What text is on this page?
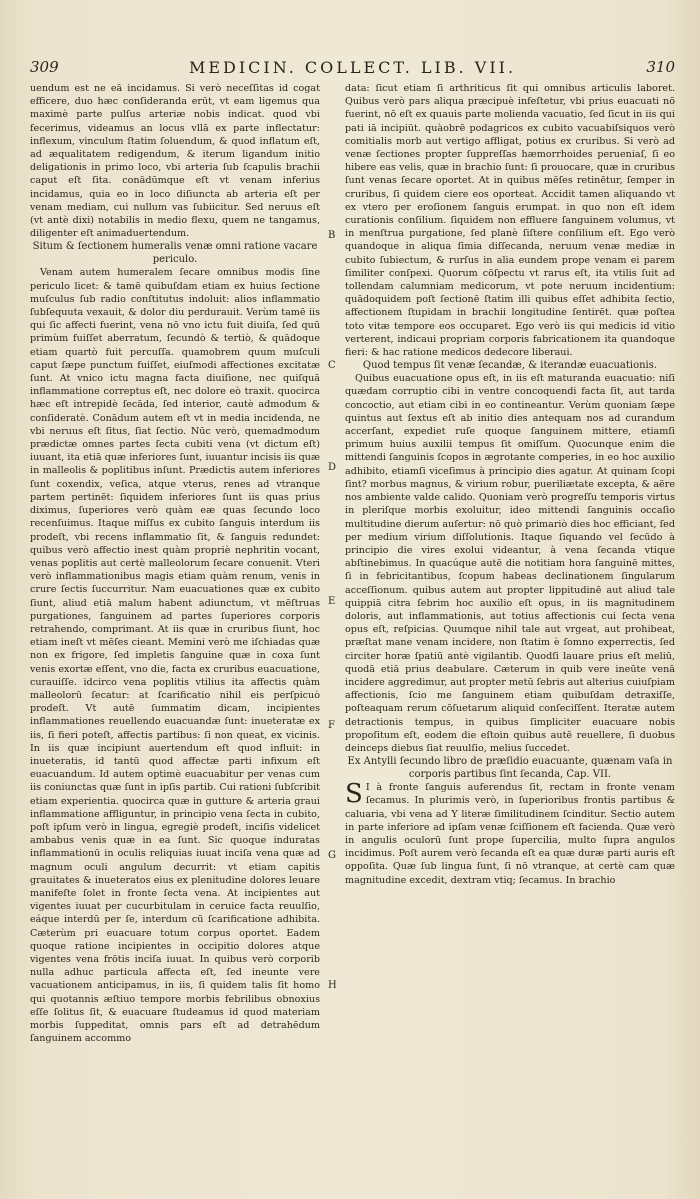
309	MEDICIN. COLLECT. LIB. VII.	310
B
C
D
E
F
G
H

uendum est ne eā incidamus. Si verò neceſſitas id cogat efficere, duo hæc conſideranda erūt, vt eam ligemus qua maximè parte pulſus arteriæ nobis indicat. quod vbi fecerimus, videamus an locus vllā ex parte inflectatur: inflexum, vinculum ſtatim ſoluendum, & quod inflatum eſt, ad æqualitatem redigendum, & iterum ligandum initio deligationis in primo loco, vbi arteria ſub ſcapulis brachii caput eſt ſita. conādūmque eſt vt venam inferius incidamus, quia eo in loco diſiuncta ab arteria eſt per venam mediam, cui nullum vas ſubiicitur. Sed neruus eſt (vt antè dixi) notabilis in medio flexu, quem ne tangamus, diligenter eſt animaduertendum.

Situm & ſectionem humeralis venæ omni ratione vacare periculo.

Venam autem humeralem ſecare omnibus modis ſine periculo licet: & tamē quibuſdam etiam ex huius ſectione muſculus ſub radio conſtitutus indoluit: alios inflammatio ſubſequuta vexauit, & dolor diu perdurauit. Verùm tamē iis qui ſic affecti fuerint, vena nō vno ictu fuit diuiſa, ſed quū primùm fuiſſet aberratum, ſecundò & tertiò, & quādoque etiam quartò fuit percuſſa. quamobrem quum muſculi caput ſæpe punctum fuiſſet, eiuſmodi affectiones excitatæ ſunt. At vnico ictu magna facta diuiſione, nec quiſquā inflammatione correptus eſt, nec dolore eò traxit. quocirca hæc eſt intrepidè ſecāda, ſed interior, cautè admodum & conſideratè. Conādum autem eſt vt in media incidenda, ne vbi neruus eſt ſitus, ſiat ſectio. Nūc verò, quemadmodum prædictæ omnes partes ſecta cubiti vena (vt dictum eſt) iuuant, ita etiā quæ inferiores ſunt, iuuantur incisis iis quæ in malleolis & poplitibus inſunt. Prædictis autem inferiores ſunt coxendix, veſica, atque vterus, renes ad vtranque partem pertinēt: ſiquidem inferiores ſunt iis quas prius diximus, ſuperiores verò quàm eæ quas ſecundo loco recenſuimus. Itaque miſſus ex cubito ſanguis interdum iis prodeſt, vbi recens inflammatio ſit, & ſanguis redundet: quibus verò affectio inest quàm propriè nephritin vocant, venas poplitis aut certè malleolorum ſecare conuenit. Vteri verò inflammationibus magis etiam quàm renum, venis in crure ſectis ſuccurritur. Nam euacuationes quæ ex cubito ſiunt, aliud etiā malum habent adiunctum, vt mēſtruas purgationes, ſanguinem ad partes ſuperiores corporis retrahendo, comprimant. At iis quæ in cruribus ſiunt, hoc etiam ineſt vt mēſes cieant. Memini verò me iſchiadas quæ non ex frigore, ſed impletis ſanguine quæ in coxa ſunt venis exortæ eſſent, vno die, facta ex cruribus euacuatione, curauiſſe. idcirco vena poplitis vtilius ita affectis quàm malleolorū ſecatur: at ſcarificatio nihil eis perſpicuò prodeſt. Vt autē ſummatim dicam, incipientes inflammationes reuellendo euacuandæ ſunt: inueteratæ ex iis, ſi fieri poteſt, affectis partibus: ſi non queat, ex vicinis. In iis quæ incipiunt auertendum eſt quod influit: in inueteratis, id tantū quod affectæ parti infixum eſt euacuandum. Id autem optimè euacuabitur per venas cum iis coniunctas quæ ſunt in ipſis partib. Cui rationi ſubſcribit etiam experientia. quocirca quæ in gutture & arteria graui inflammatione affliguntur, in principio vena ſecta in cubito, poſt ipſum verò in lingua, egregiè prodeſt, inciſis videlicet ambabus venis quæ in ea ſunt. Sic quoque induratas inflammationū in oculis reliquias iuuat inciſa vena quæ ad magnum oculi angulum decurrit: vt etiam capitis grauitates & inueteratos eius ex plenitudine dolores leuare manifeſte ſolet in fronte ſecta vena. At incipientes aut vigentes iuuat per cucurbitulam in ceruice facta reuulſio, eáque interdū per ſe, interdum cū ſcarificatione adhibita. Cæterùm pri euacuare totum corpus oportet. Eadem quoque ratione incipientes in occipitio dolores atque vigentes vena frōtis inciſa iuuat. In quibus verò corporib nulla adhuc particula affecta eſt, ſed ineunte vere vacuationem anticipamus, in iis, ſi quidem talis ſit homo qui quotannis æſtiuo tempore morbis febrilibus obnoxius eſſe ſolitus ſit, & euacuare ſtudeamus id quod materiam morbis ſuppeditat, omnis pars eſt ad detrahēdum ſanguinem accommo

data: ſicut etiam ſi arthriticus ſit qui omnibus articulis laboret. Quibus verò pars aliqua præcipuè infeſtetur, vbi prius euacuati nō fuerint, nō eſt ex quauis parte molienda vacuatio, ſed ſicut in iis qui pati iā incipiūt. quàobrē podagricos ex cubito vacuabiſsiquos verò comitialis morb aut vertigo affligat, potius ex cruribus. Si verò ad venæ ſectiones propter ſuppreſſas hæmorrhoides perueniaſ, ſi eo hibere eas velis, quæ in brachio ſunt: ſi prouocare, quæ in cruribus ſunt venas ſecare oportet. At in quibus mēſes retinētur, ſemper in cruribus, ſi quidem ciere eos oporteat. Accidit tamen aliquando vt ex vtero per eroſionem ſanguis erumpat. in quo non eſt idem curationis conſilium. ſiquidem non effluere ſanguinem volumus, vt in menſtrua purgatione, ſed planè ſiſtere conſilium eſt. Ego verò quandoque in aliqua ſimia diſſecanda, neruum venæ mediæ in cubito ſubiectum, & rurſus in alia eundem prope venam ei parem ſimiliter conſpexi. Quorum cōſpectu vt rarus eſt, ita vtilis ſuit ad tollendam calumniam medicorum, vt pote neruum incidentium: quādoquidem poſt ſectionē ſtatim illi quibus eſſet adhibita ſectio, affectionem ſtupidam in brachii longitudine ſentirēt. quæ poſtea toto vitæ tempore eos occuparet. Ego verò iis qui medicis id vitio verterent, indicaui propriam corporis fabricationem ita quandoque fieri: & hac ratione medicos dedecore liberaui.

Quod tempus ſit venæ ſecandæ, & iterandæ euacuationis.

Quibus euacuatione opus eſt, in iis eſt maturanda euacuatio: niſi quædam corruptio cibi in ventre concoquendi facta ſit, aut tarda concoctio, aut etiam cibi in eo contineantur. Verùm quoniam ſæpe quintus aut ſextus eſt ab initio dies antequam nos ad curandum accerſant, expediet ruſe quoque ſanguinem mittere, etiamſi primum huius auxilii tempus ſit omiſſum. Quocunque enim die mittendi ſanguinis ſcopos in ægrotante comperies, in eo hoc auxilio adhibito, etiamſi viceſimus à principio dies agatur. At quinam ſcopi ſint? morbus magnus, & virium robur, pueriliætate excepta, & aëre nos ambiente valde calido. Quoniam verò progreſſu temporis virtus in pleriſque morbis exoluitur, ideo mittendi ſanguinis occaſio multitudine dierum auſertur: nō quò primariò dies hoc efficiant, ſed per medium virium diſſolutionis. Itaque ſiquando vel ſecūdo à principio die vires exolui videantur, à vena ſecanda vtique abſtinebimus. In quacúque autē die notitiam hora ſanguinē mittes, ſi in febricitantibus, ſcopum habeas declinationem ſingularum acceſſionum. quibus autem aut propter lippitudinē aut aliud tale quippiā citra ſebrim hoc auxilio eſt opus, in iis magnitudinem doloris, aut inflammationis, aut totius affectionis cui ſecta vena opus eſt, reſpicias. Quumque nihil tale aut vrgeat, aut prohibeat, præſtat mane venam incidere, non ſtatim è ſomno experrectis, ſed circiter horæ ſpatiū antè vigilantib. Quodſi lauare prius eſt meliū, quodā etiā prius deabulare. Cæterum in quib vere ineūte venā incidere aggredimur, aut propter metū ſebris aut alterius cuiuſpiam affectionis, ſcio me ſanguinem etiam quibuſdam detraxiſſe, poſteaquam rerum cōſuetarum aliquid conſeciſſent. Iteratæ autem detractionis tempus, in quibus ſimpliciter euacuare nobis propoſitum eſt, eodem die eſtoin quibus autē reuellere, ſi duobus deinceps diebus ſiat reuulſio, melius ſuccedet.

Ex Antylli ſecundo libro de præſidio euacuante, quænam vaſa in corporis partibus ſint ſecanda, Cap. VII.

S I à fronte ſanguis auferendus ſit, rectam in fronte venam ſecamus. In plurimis verò, in ſuperioribus frontis partibus & caluaria, vbi vena ad Y literæ ſimilitudinem ſcinditur. Sectio autem in parte inferiore ad ipſam venæ ſciſſionem eſt facienda. Quæ verò in angulis oculorū ſunt prope ſupercilia, multo ſupra angulos incidimus. Poſt aurem verò ſecanda eſt ea quæ duræ parti auris eſt oppoſita. Quæ ſub lingua ſunt, ſi nō vtranque, at certè cam quæ magnitudine excedit, dextram vtiq; ſecamus. In brachio
